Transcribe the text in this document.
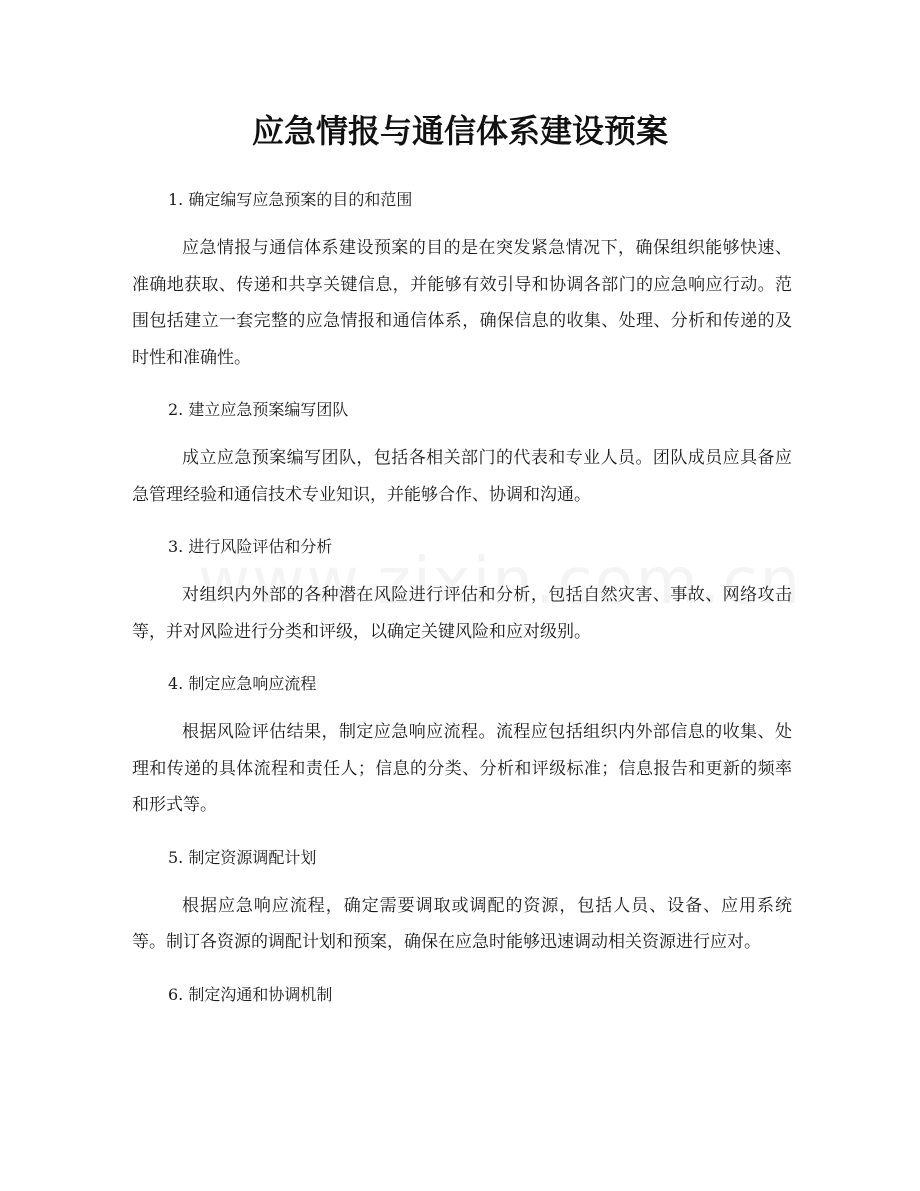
应急情报与通信体系建设预案
1. 确定编写应急预案的目的和范围

应急情报与通信体系建设预案的目的是在突发紧急情况下，确保组织能够快速、准确地获取、传递和共享关键信息，并能够有效引导和协调各部门的应急响应行动。范围包括建立一套完整的应急情报和通信体系，确保信息的收集、处理、分析和传递的及时性和准确性。

2. 建立应急预案编写团队

成立应急预案编写团队，包括各相关部门的代表和专业人员。团队成员应具备应急管理经验和通信技术专业知识，并能够合作、协调和沟通。

3. 进行风险评估和分析

对组织内外部的各种潜在风险进行评估和分析，包括自然灾害、事故、网络攻击等，并对风险进行分类和评级，以确定关键风险和应对级别。

4. 制定应急响应流程

根据风险评估结果，制定应急响应流程。流程应包括组织内外部信息的收集、处理和传递的具体流程和责任人；信息的分类、分析和评级标准；信息报告和更新的频率和形式等。

5. 制定资源调配计划

根据应急响应流程，确定需要调取或调配的资源，包括人员、设备、应用系统等。制订各资源的调配计划和预案，确保在应急时能够迅速调动相关资源进行应对。

6. 制定沟通和协调机制
